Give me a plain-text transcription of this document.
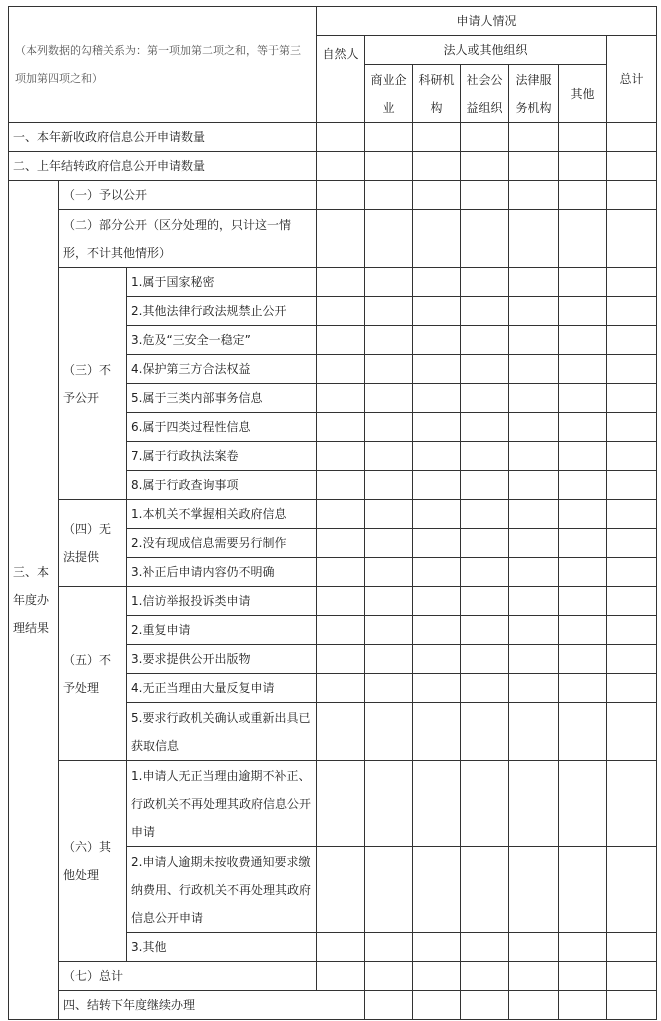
（本列数据的勾稽关系为：第一项加第二项之和，等于第三项加第四项之和）			申请人情况							
			自然人	法人或其他组织					总计	
				商业企业	科研机构	社会公益组织	法律服务机构	其他		

一、本年新收政府信息公开申请数量										
二、上年结转政府信息公开申请数量										
三、本年度办理结果	（一）予以公开									
	（二）部分公开（区分处理的，只计这一情形，不计其他情形）									
	（三）不予公开	1.属于国家秘密								
		2.其他法律行政法规禁止公开								
		3.危及“三安全一稳定”								
		4.保护第三方合法权益								
		5.属于三类内部事务信息								
		6.属于四类过程性信息								
		7.属于行政执法案卷								
		8.属于行政查询事项								
	（四）无法提供	1.本机关不掌握相关政府信息								
		2.没有现成信息需要另行制作								
		3.补正后申请内容仍不明确								
	（五）不予处理	1.信访举报投诉类申请								
		2.重复申请								
		3.要求提供公开出版物								
		4.无正当理由大量反复申请								
		5.要求行政机关确认或重新出具已获取信息								
	（六）其他处理	1.申请人无正当理由逾期不补正、行政机关不再处理其政府信息公开申请								
		2.申请人逾期未按收费通知要求缴纳费用、行政机关不再处理其政府信息公开申请								
		3.其他								
	（七）总计									
	四、结转下年度继续办理									
